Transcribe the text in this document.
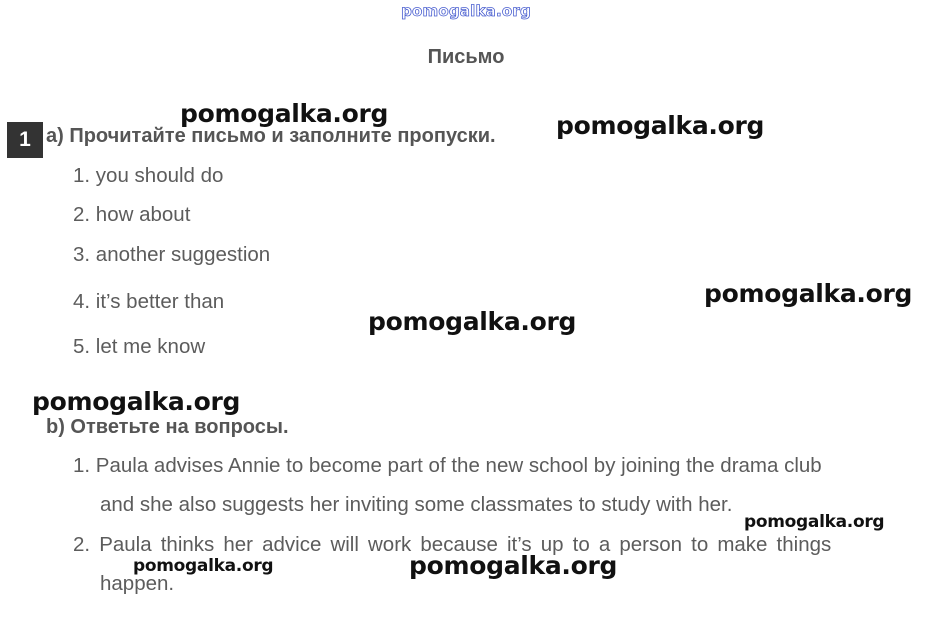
pomogalka.org
Письмо
1 a) Прочитайте письмо и заполните пропуски.
1. you should do
2. how about
3. another suggestion
4. it’s better than
5. let me know
b) Ответьте на вопросы.
1. Paula advises Annie to become part of the new school by joining the drama club
and she also suggests her inviting some classmates to study with her.
2. Paula thinks her advice will work because it’s up to a person to make things
happen.
pomogalka.org	pomogalka.org
pomogalka.org
pomogalka.org
pomogalka.org
pomogalka.org
pomogalka.org	pomogalka.org
